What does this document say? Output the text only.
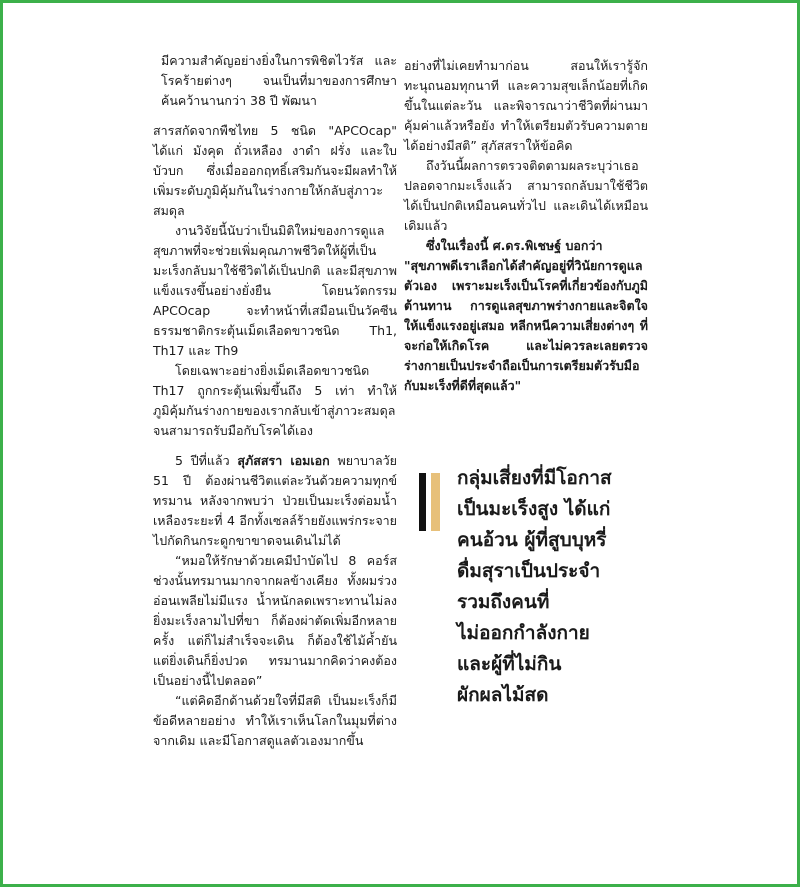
มีความสำคัญอย่างยิ่งในการพิชิตไวรัส และโรคร้ายต่างๆ จนเป็นที่มาของการศึกษาค้นคว้านานกว่า 38 ปี พัฒนา

สารสกัดจากพืชไทย 5 ชนิด "APCOcap" ได้แก่ มังคุด ถั่วเหลือง งาดำ ฝรั่ง และใบบัวบก ซึ่งเมื่อออกฤทธิ์เสริมกันจะมีผลทำให้เพิ่มระดับภูมิคุ้มกันในร่างกายให้กลับสู่ภาวะสมดุล

งานวิจัยนี้นับว่าเป็นมิติใหม่ของการดูแลสุขภาพที่จะช่วยเพิ่มคุณภาพชีวิตให้ผู้ที่เป็นมะเร็งกลับมาใช้ชีวิตได้เป็นปกติ และมีสุขภาพแข็งแรงขึ้นอย่างยั่งยืน โดยนวัตกรรม APCOcap จะทำหน้าที่เสมือนเป็นวัคซีนธรรมชาติกระตุ้นเม็ดเลือดขาวชนิด Th1, Th17 และ Th9

โดยเฉพาะอย่างยิ่งเม็ดเลือดขาวชนิด Th17 ถูกกระตุ้นเพิ่มขึ้นถึง 5 เท่า ทำให้ภูมิคุ้มกันร่างกายของเรากลับเข้าสู่ภาวะสมดุลจนสามารถรับมือกับโรคได้เอง

5 ปีที่แล้ว สุภัสสรา เอมเอก พยาบาลวัย 51 ปี ต้องผ่านชีวิตแต่ละวันด้วยความทุกข์ทรมาน หลังจากพบว่า ป่วยเป็นมะเร็งต่อมน้ำเหลืองระยะที่ 4 อีกทั้งเซลล์ร้ายยังแพร่กระจายไปกัดกินกระดูกขาขาดจนเดินไม่ได้

“หมอให้รักษาด้วยเคมีบำบัดไป 8 คอร์ส ช่วงนั้นทรมานมากจากผลข้างเคียง ทั้งผมร่วง อ่อนเพลียไม่มีแรง น้ำหนักลดเพราะทานไม่ลง ยิ่งมะเร็งลามไปที่ขา ก็ต้องผ่าตัดเพิ่มอีกหลายครั้ง แต่ก็ไม่สำเร็จจะเดิน ก็ต้องใช้ไม้ค้ำยัน แต่ยิ่งเดินก็ยิ่งปวด ทรมานมากคิดว่าคงต้องเป็นอย่างนี้ไปตลอด”

“แต่คิดอีกด้านด้วยใจที่มีสติ เป็นมะเร็งก็มีข้อดีหลายอย่าง ทำให้เราเห็นโลกในมุมที่ต่างจากเดิม และมีโอกาสดูแลตัวเองมากขึ้น

อย่างที่ไม่เคยทำมาก่อน สอนให้เรารู้จักทะนุถนอมทุกนาที และความสุขเล็กน้อยที่เกิดขึ้นในแต่ละวัน และพิจารณาว่าชีวิตที่ผ่านมาคุ้มค่าแล้วหรือยัง ทำให้เตรียมตัวรับความตายได้อย่างมีสติ” สุภัสสราให้ข้อคิด

ถึงวันนี้ผลการตรวจติดตามผลระบุว่าเธอปลอดจากมะเร็งแล้ว สามารถกลับมาใช้ชีวิตได้เป็นปกติเหมือนคนทั่วไป และเดินได้เหมือนเดิมแล้ว

ซึ่งในเรื่องนี้ ศ.ดร.พิเชษฐ์ บอกว่า

"สุขภาพดีเราเลือกได้สำคัญอยู่ที่วินัยการดูแลตัวเอง เพราะมะเร็งเป็นโรคที่เกี่ยวข้องกับภูมิต้านทาน การดูแลสุขภาพร่างกายและจิตใจให้แข็งแรงอยู่เสมอ หลีกหนีความเสี่ยงต่างๆ ที่จะก่อให้เกิดโรค และไม่ควรละเลยตรวจร่างกายเป็นประจำถือเป็นการเตรียมตัวรับมือกับมะเร็งที่ดีที่สุดแล้ว"

กลุ่มเสี่ยงที่มีโอกาส
เป็นมะเร็งสูง ได้แก่
คนอ้วน ผู้ที่สูบบุหรี่
ดื่มสุราเป็นประจำ
รวมถึงคนที่
ไม่ออกกำลังกาย
และผู้ที่ไม่กิน
ผักผลไม้สด
